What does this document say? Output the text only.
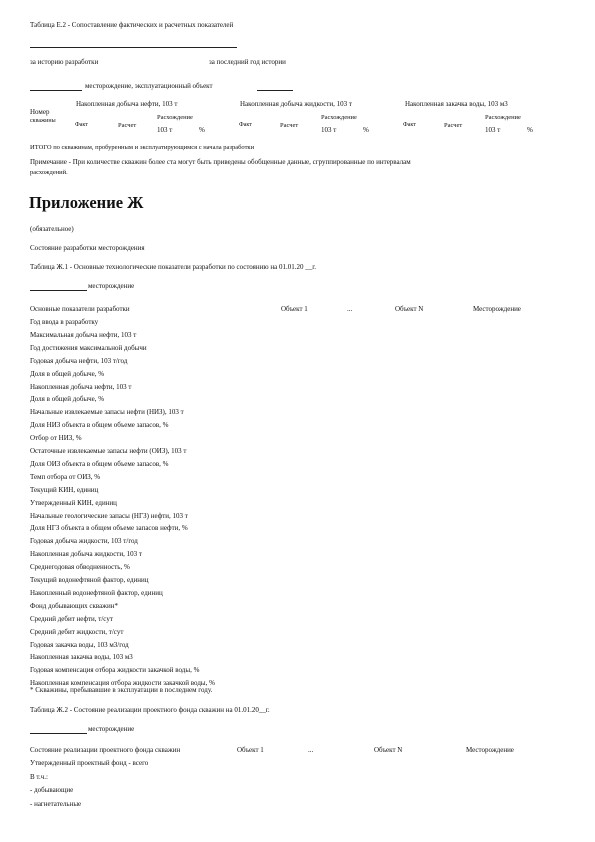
Таблица Е.2 - Сопоставление фактических и расчетных показателей
за историю разработки	за последний год истории
месторождение, эксплуатационный объект
Номер
скважины
Накопленная добыча нефти, 103 т
Факт	Расчет
Расхождение
103 т	%
Накопленная добыча жидкости, 103 т
Факт	Расчет
Расхождение
103 т	%
Накопленная закачка воды, 103 м3
Факт	Расчет
Расхождение
103 т	%
ИТОГО по скважинам, пробуренным и эксплуатирующимся с начала разработки
Примечание - При количестве скважин более ста могут быть приведены обобщенные данные, сгруппированные по интервалам
расхождений.
Приложение Ж
(обязательное)
Состояние разработки месторождения
Таблица Ж.1 - Основные технологические показатели разработки по состоянию на 01.01.20 __г.
месторождение
Основные показатели разработки	Объект 1	...	Объект N	Месторождение
Год ввода в разработку
Максимальная добыча нефти, 103 т
Год достижения максимальной добычи
Годовая добыча нефти, 103 т/год
Доля в общей добыче, %
Накопленная добыча нефти, 103 т
Доля в общей добыче, %
Начальные извлекаемые запасы нефти (НИЗ), 103 т
Доля НИЗ объекта в общем объеме запасов, %
Отбор от НИЗ, %
Остаточные извлекаемые запасы нефти (ОИЗ), 103 т
Доля ОИЗ объекта в общем объеме запасов, %
Темп отбора от ОИЗ, %
Текущий КИН, единиц
Утвержденный КИН, единиц
Начальные геологические запасы (НГЗ) нефти, 103 т
Доля НГЗ объекта в общем объеме запасов нефти, %
Годовая добыча жидкости, 103 т/год
Накопленная добыча жидкости, 103 т
Среднегодовая обводненность, %
Текущий водонефтяной фактор, единиц
Накопленный водонефтяной фактор, единиц
Фонд добывающих скважин*
Средний дебит нефти, т/сут
Средний дебит жидкости, т/сут
Годовая закачка воды, 103 м3/год
Накопленная закачка воды, 103 м3
Годовая компенсация отбора жидкости закачкой воды, %
Накопленная компенсация отбора жидкости закачкой воды, %
* Скважины, пребывавшие в эксплуатации в последнем году.
Таблица Ж.2 - Состояние реализации проектного фонда скважин на 01.01.20__г.
месторождение
Состояние реализации проектного фонда скважин	Объект 1	...	Объект N	Месторождение
Утвержденный проектный фонд - всего
В т.ч.:
- добывающие
- нагнетательные
